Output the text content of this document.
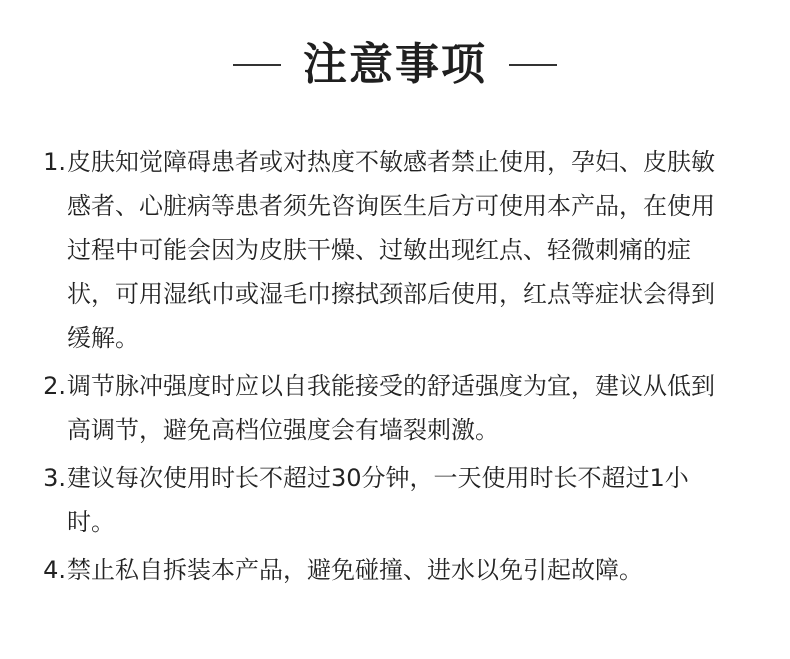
注意事项
1. 皮肤知觉障碍患者或对热度不敏感者禁止使用，孕妇、皮肤敏感者、心脏病等患者须先咨询医生后方可使用本产品，在使用过程中可能会因为皮肤干燥、过敏出现红点、轻微刺痛的症状，可用湿纸巾或湿毛巾擦拭颈部后使用，红点等症状会得到缓解。
2. 调节脉冲强度时应以自我能接受的舒适强度为宜，建议从低到高调节，避免高档位强度会有墙裂刺激。
3. 建议每次使用时长不超过30分钟，一天使用时长不超过1小时。
4. 禁止私自拆装本产品，避免碰撞、进水以免引起故障。
